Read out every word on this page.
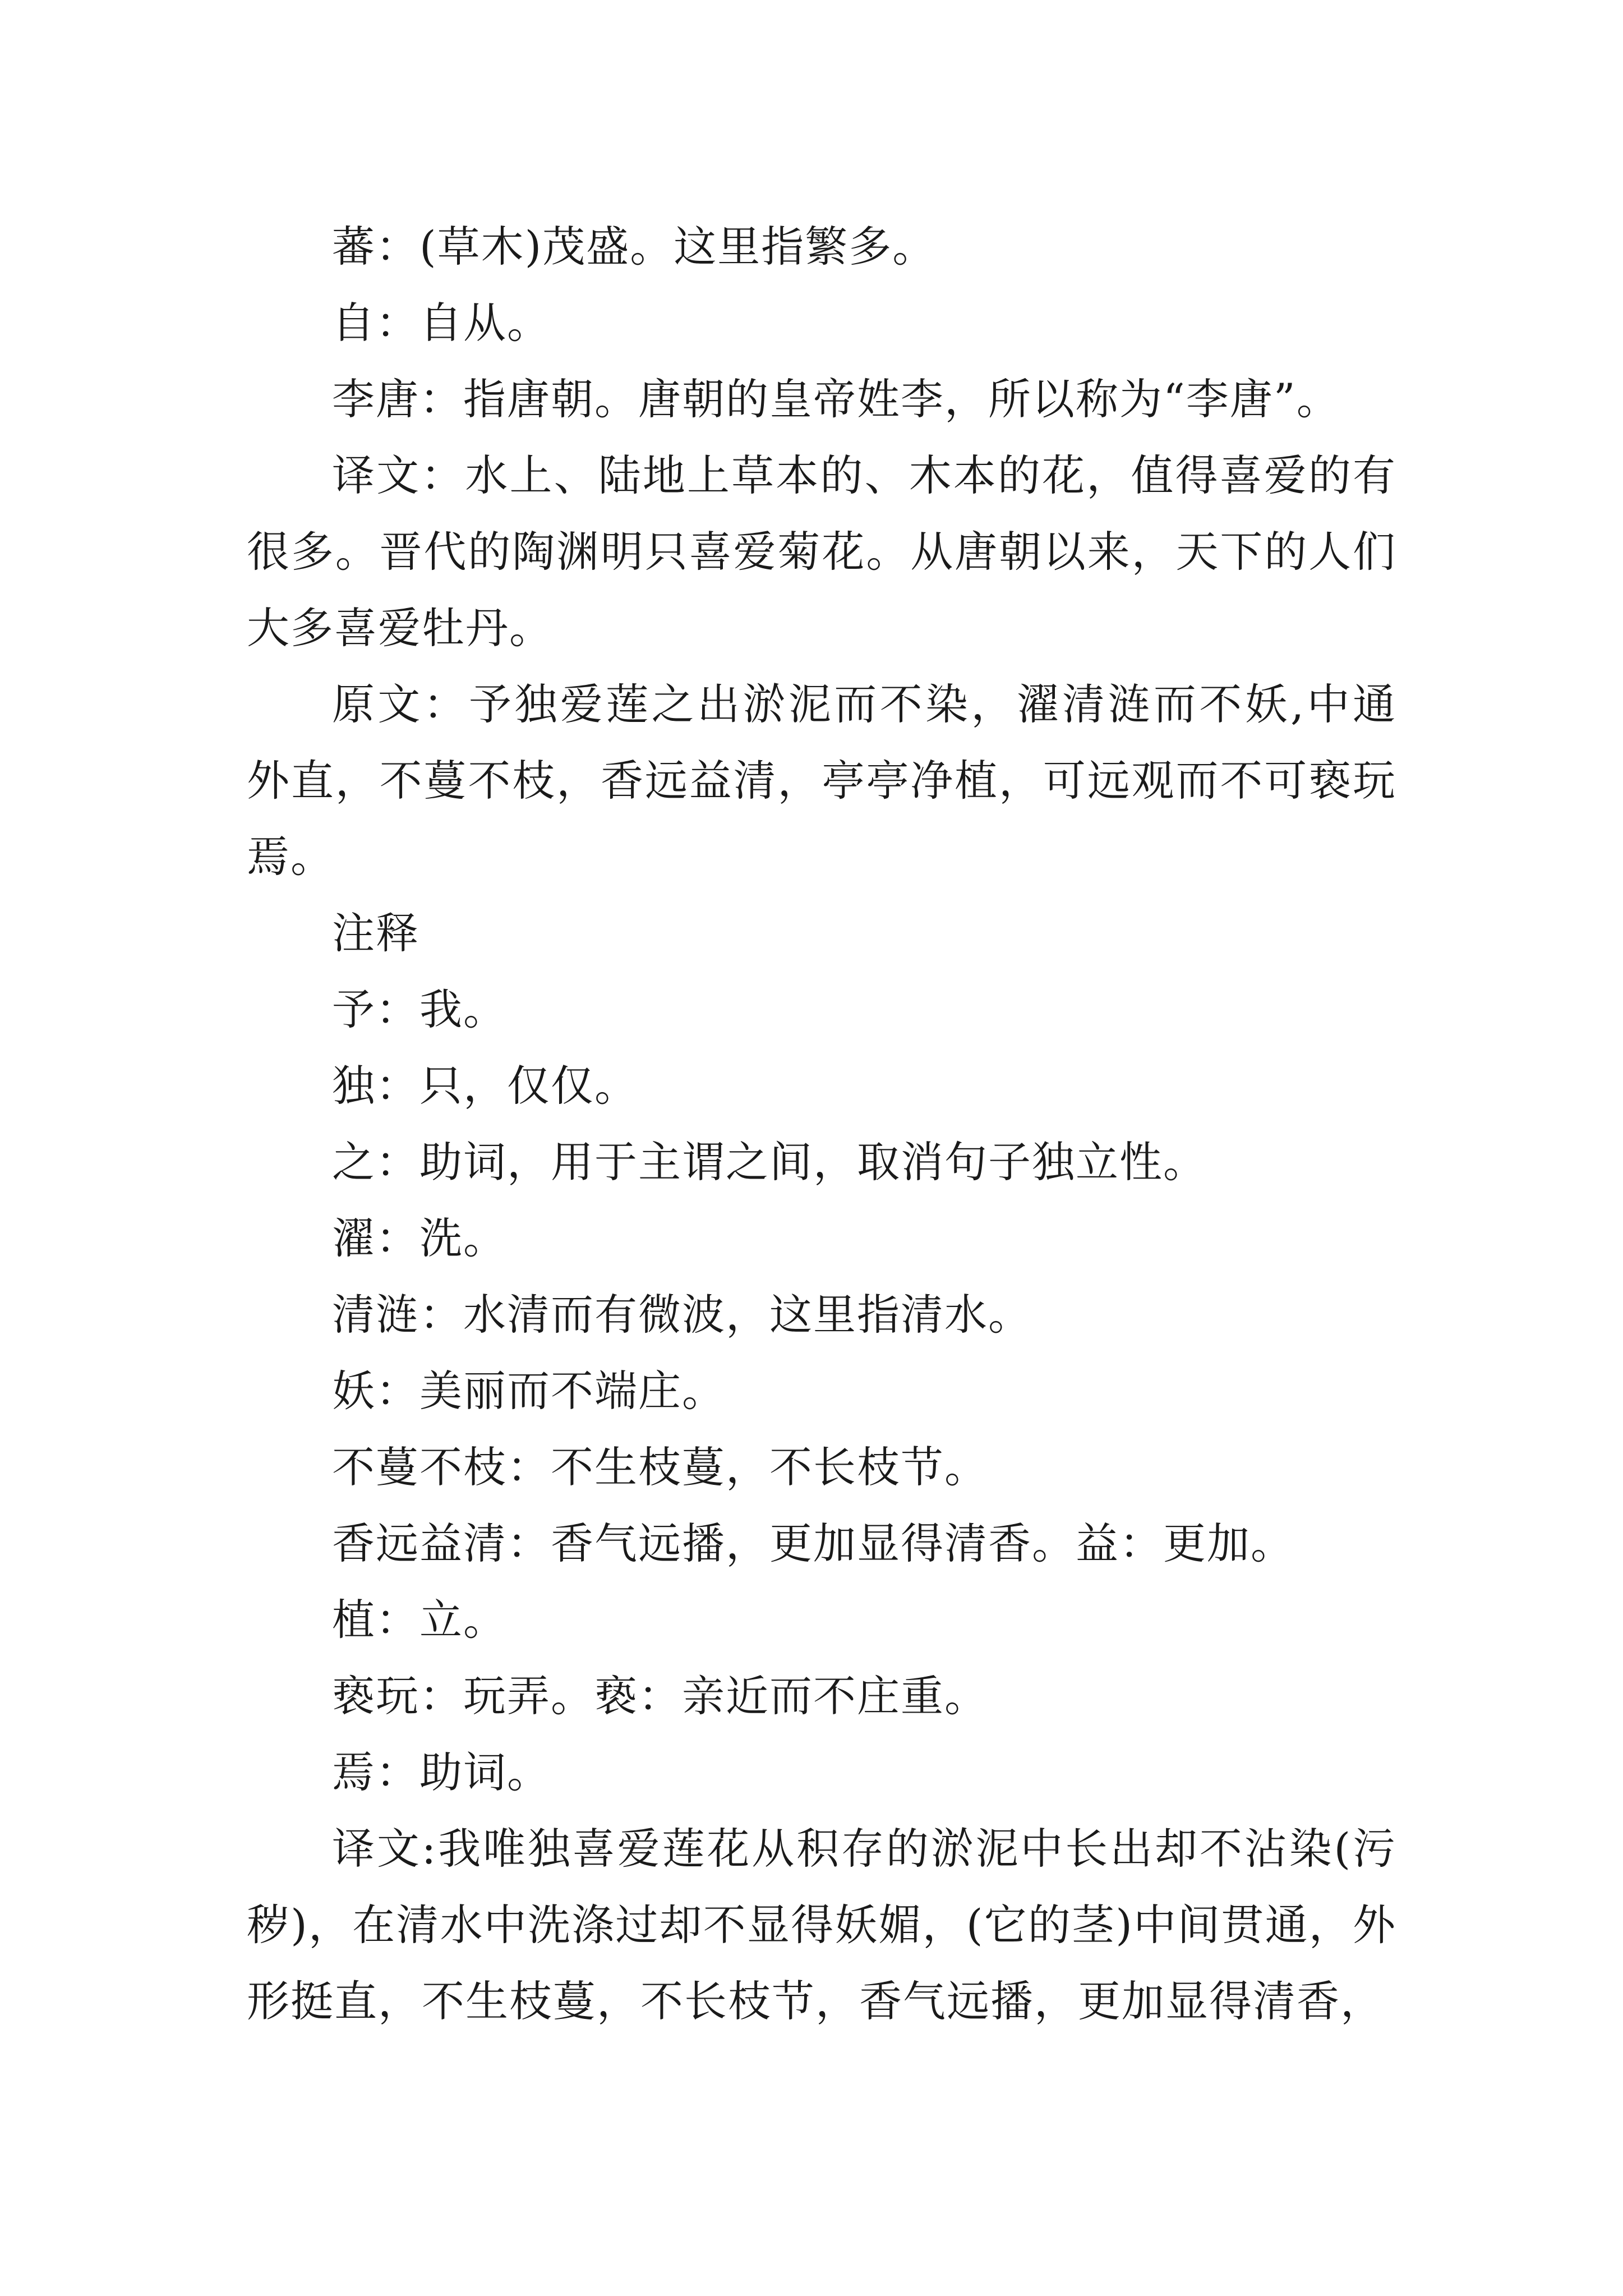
蕃：(草木)茂盛。这里指繁多。

自：自从。

李唐：指唐朝。唐朝的皇帝姓李，所以称为“李唐”。

译文：水上、陆地上草本的、木本的花，值得喜爱的有很多。晋代的陶渊明只喜爱菊花。从唐朝以来，天下的人们大多喜爱牡丹。

原文：予独爱莲之出淤泥而不染，濯清涟而不妖,中通外直，不蔓不枝，香远益清，亭亭净植，可远观而不可亵玩焉。

注释

予：我。

独：只，仅仅。

之：助词，用于主谓之间，取消句子独立性。

濯：洗。

清涟：水清而有微波，这里指清水。

妖：美丽而不端庄。

不蔓不枝：不生枝蔓，不长枝节。

香远益清：香气远播，更加显得清香。益：更加。

植：立。

亵玩：玩弄。亵：亲近而不庄重。

焉：助词。

译文:我唯独喜爱莲花从积存的淤泥中长出却不沾染(污秽)，在清水中洗涤过却不显得妖媚，(它的茎)中间贯通，外形挺直，不生枝蔓，不长枝节，香气远播，更加显得清香，
